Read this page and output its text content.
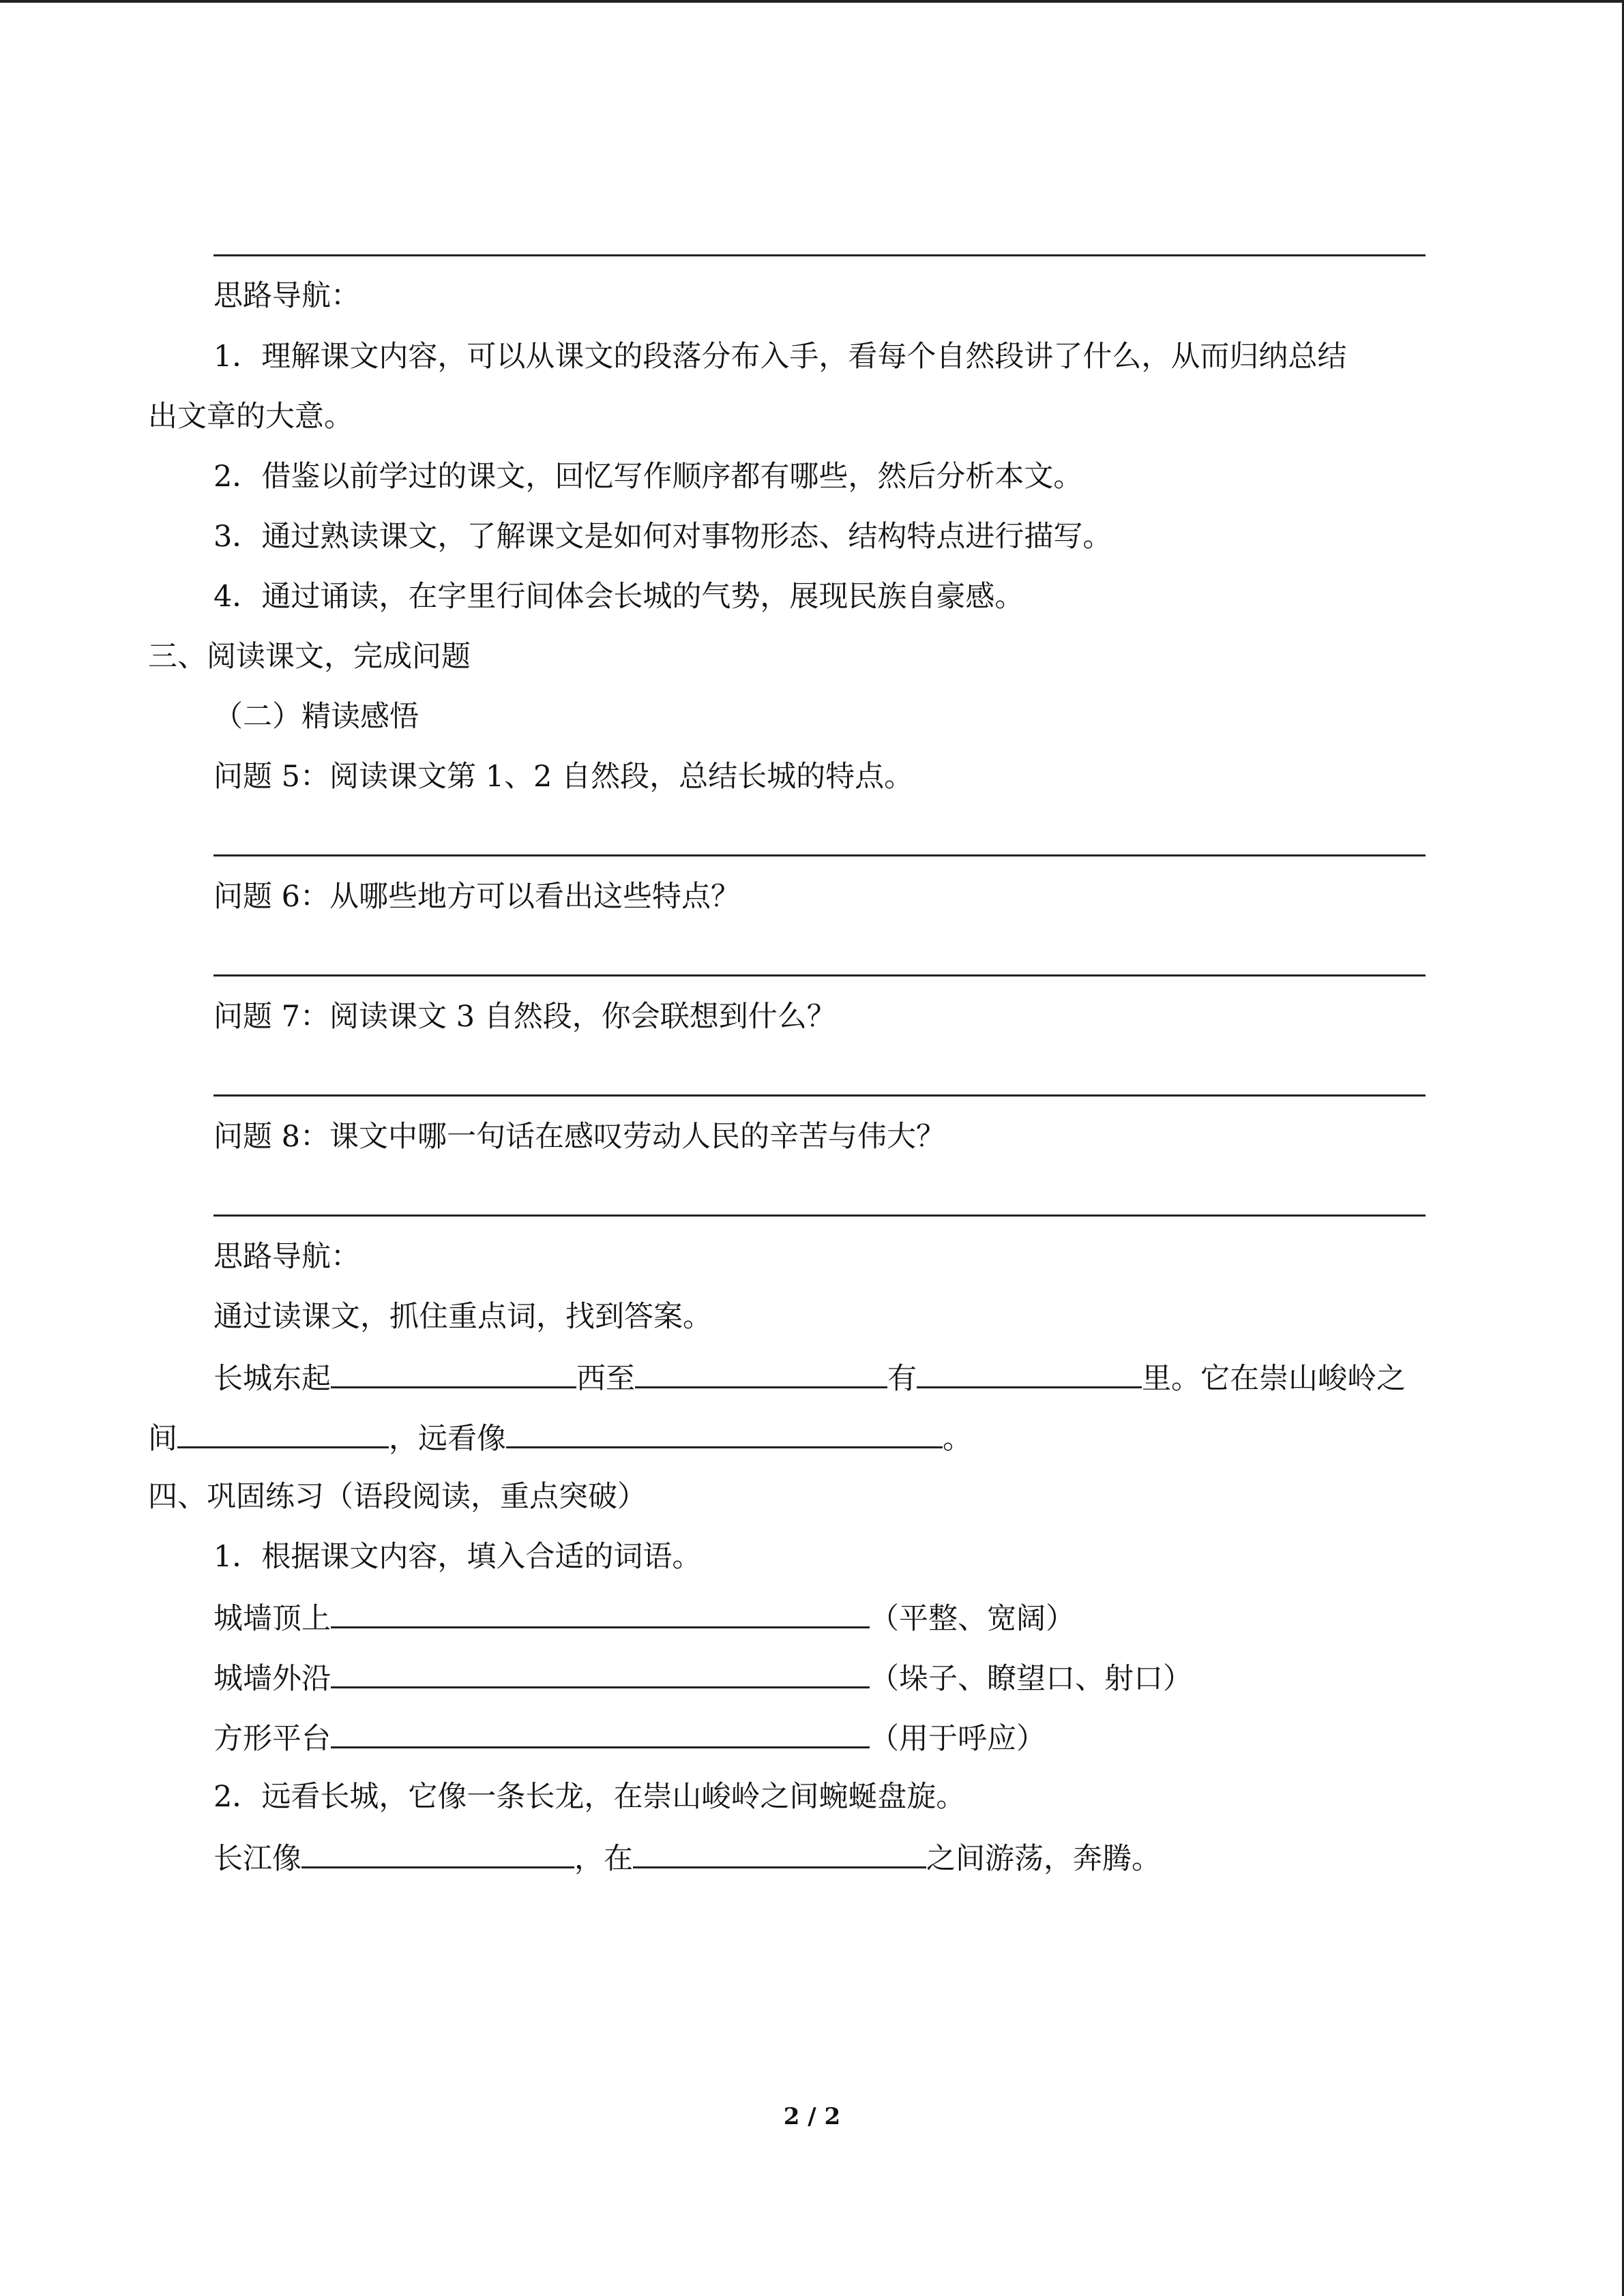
思路导航：
1．理解课文内容，可以从课文的段落分布入手，看每个自然段讲了什么，从而归纳总结
出文章的大意。
2．借鉴以前学过的课文，回忆写作顺序都有哪些，然后分析本文。
3．通过熟读课文，了解课文是如何对事物形态、结构特点进行描写。
4．通过诵读，在字里行间体会长城的气势，展现民族自豪感。
三、阅读课文，完成问题
（二）精读感悟
问题 5：阅读课文第 1、2 自然段，总结长城的特点。
问题 6：从哪些地方可以看出这些特点？
问题 7：阅读课文 3 自然段，你会联想到什么？
问题 8：课文中哪一句话在感叹劳动人民的辛苦与伟大？
思路导航：
通过读课文，抓住重点词，找到答案。
长城东起	西至	有	里。它在崇山峻岭之
间	，远看像	。
四、巩固练习（语段阅读，重点突破）
1．根据课文内容，填入合适的词语。
城墙顶上	（平整、宽阔）
城墙外沿	（垛子、瞭望口、射口）
方形平台	（用于呼应）
2．远看长城，它像一条长龙，在崇山峻岭之间蜿蜒盘旋。
长江像	，在	之间游荡，奔腾。
2 / 2
